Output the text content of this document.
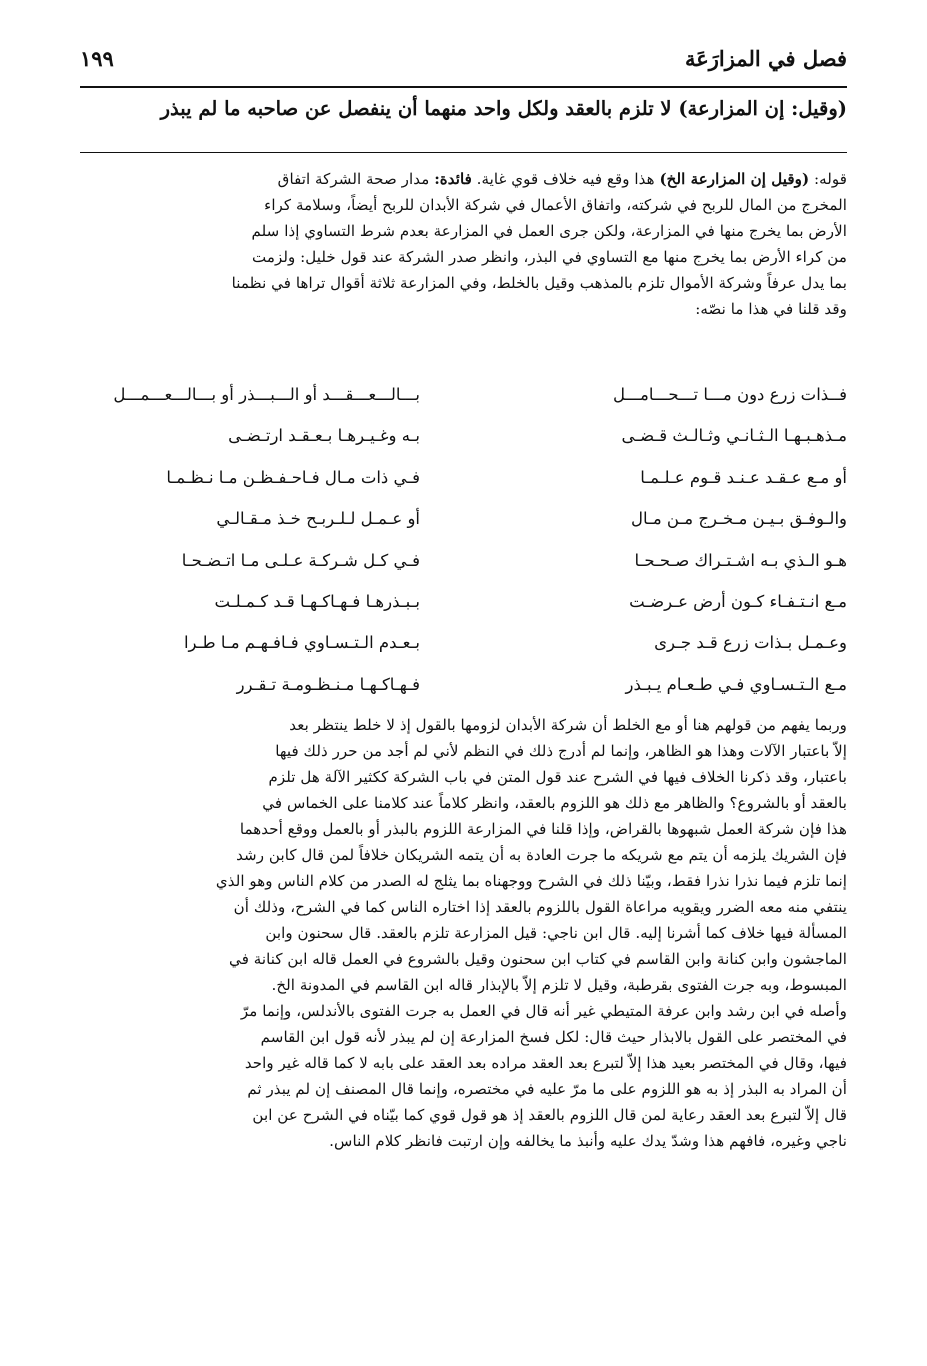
فصل في المزارَعَة
١٩٩
(وقيل: إن المزارعة) لا تلزم بالعقد ولكل واحد منهما أن ينفصل عن صاحبه ما لم يبذر
قوله: (وقيل إن المزارعة الخ) هذا وقع فيه خلاف قوي غاية. فائدة: مدار صحة الشركة اتفاق
المخرج من المال للربح في شركته، واتفاق الأعمال في شركة الأبدان للربح أيضاً، وسلامة كراء
الأرض بما يخرج منها في المزارعة، ولكن جرى العمل في المزارعة بعدم شرط التساوي إذا سلم
من كراء الأرض بما يخرج منها مع التساوي في البذر، وانظر صدر الشركة عند قول خليل: ولزمت
بما يدل عرفاً وشركة الأموال تلزم بالمذهب وقيل بالخلط، وفي المزارعة ثلاثة أقوال تراها في نظمنا
وقد قلنا في هذا ما نصّه:
فــذات زرع دون مـــا تـــحـــامـــل
بـــالـــعـــقـــد أو الـــبـــذر أو بـــالـــعـــمـــل
مـذهـبـهـا الـثـانـي وثـالـث قـضـى
بـه وغـيـرهـا بـعـقـد ارتـضـى
أو مـع عـقـد عـنـد قـوم عـلـمـا
فـي ذات مـال فـاحـفـظـن مـا نـظـمـا
والـوفـق بـيـن مـخـرج مـن مـال
أو عـمـل لـلـربـح خـذ مـقـالـي
هـو الـذي بـه اشـتـراك صـحـحـا
فـي كـل شـركـة عـلـى مـا اتـضـحـا
مـع انـتـفـاء كـون أرض عـرضـت
بـبـذرهـا فـهـاكـهـا قـد كـمـلـت
وعـمـل بـذات زرع قـد جـرى
بـعـدم الـتـسـاوي فـافـهـم مـا طـرا
مـع الـتـسـاوي فـي طـعـام يـبـذر
فـهـاكـهـا مـنـظـومـة تـقـرر
وربما يفهم من قولهم هنا أو مع الخلط أن شركة الأبدان لزومها بالقول إذ لا خلط ينتظر بعد
إلاّ باعتبار الآلات وهذا هو الظاهر، وإنما لم أدرج ذلك في النظم لأني لم أجد من حرر ذلك فيها
باعتبار، وقد ذكرنا الخلاف فيها في الشرح عند قول المتن في باب الشركة ككثير الآلة هل تلزم
بالعقد أو بالشروع؟ والظاهر مع ذلك هو اللزوم بالعقد، وانظر كلاماً عند كلامنا على الخماس في
هذا فإن شركة العمل شبهوها بالقراض، وإذا قلنا في المزارعة اللزوم بالبذر أو بالعمل ووقع أحدهما
فإن الشريك يلزمه أن يتم مع شريكه ما جرت العادة به أن يتمه الشريكان خلافاً لمن قال كابن رشد
إنما تلزم فيما نذرا نذرا فقط، وبيّنا ذلك في الشرح ووجهناه بما يثلج له الصدر من كلام الناس وهو الذي
ينتفي منه معه الضرر ويقويه مراعاة القول باللزوم بالعقد إذا اختاره الناس كما في الشرح، وذلك أن
المسألة فيها خلاف كما أشرنا إليه. قال ابن ناجي: قيل المزارعة تلزم بالعقد. قال سحنون وابن
الماجشون وابن كنانة وابن القاسم في كتاب ابن سحنون وقيل بالشروع في العمل قاله ابن كنانة في
المبسوط، وبه جرت الفتوى بقرطبة، وقيل لا تلزم إلاّ بالإبذار قاله ابن القاسم في المدونة الخ.
وأصله في ابن رشد وابن عرفة المتيطي غير أنه قال في العمل به جرت الفتوى بالأندلس، وإنما مرّ
في المختصر على القول بالابذار حيث قال: لكل فسخ المزارعة إن لم يبذر لأنه قول ابن القاسم
فيها، وقال في المختصر بعيد هذا إلاّ لتبرع بعد العقد مراده بعد العقد على بابه لا كما قاله غير واحد
أن المراد به البذر إذ به هو اللزوم على ما مرّ عليه في مختصره، وإنما قال المصنف إن لم يبذر ثم
قال إلاّ لتبرع بعد العقد رعاية لمن قال اللزوم بالعقد إذ هو قول قوي كما بيّناه في الشرح عن ابن
ناجي وغيره، فافهم هذا وشدّ يدك عليه وأنبذ ما يخالفه وإن ارتبت فانظر كلام الناس.
